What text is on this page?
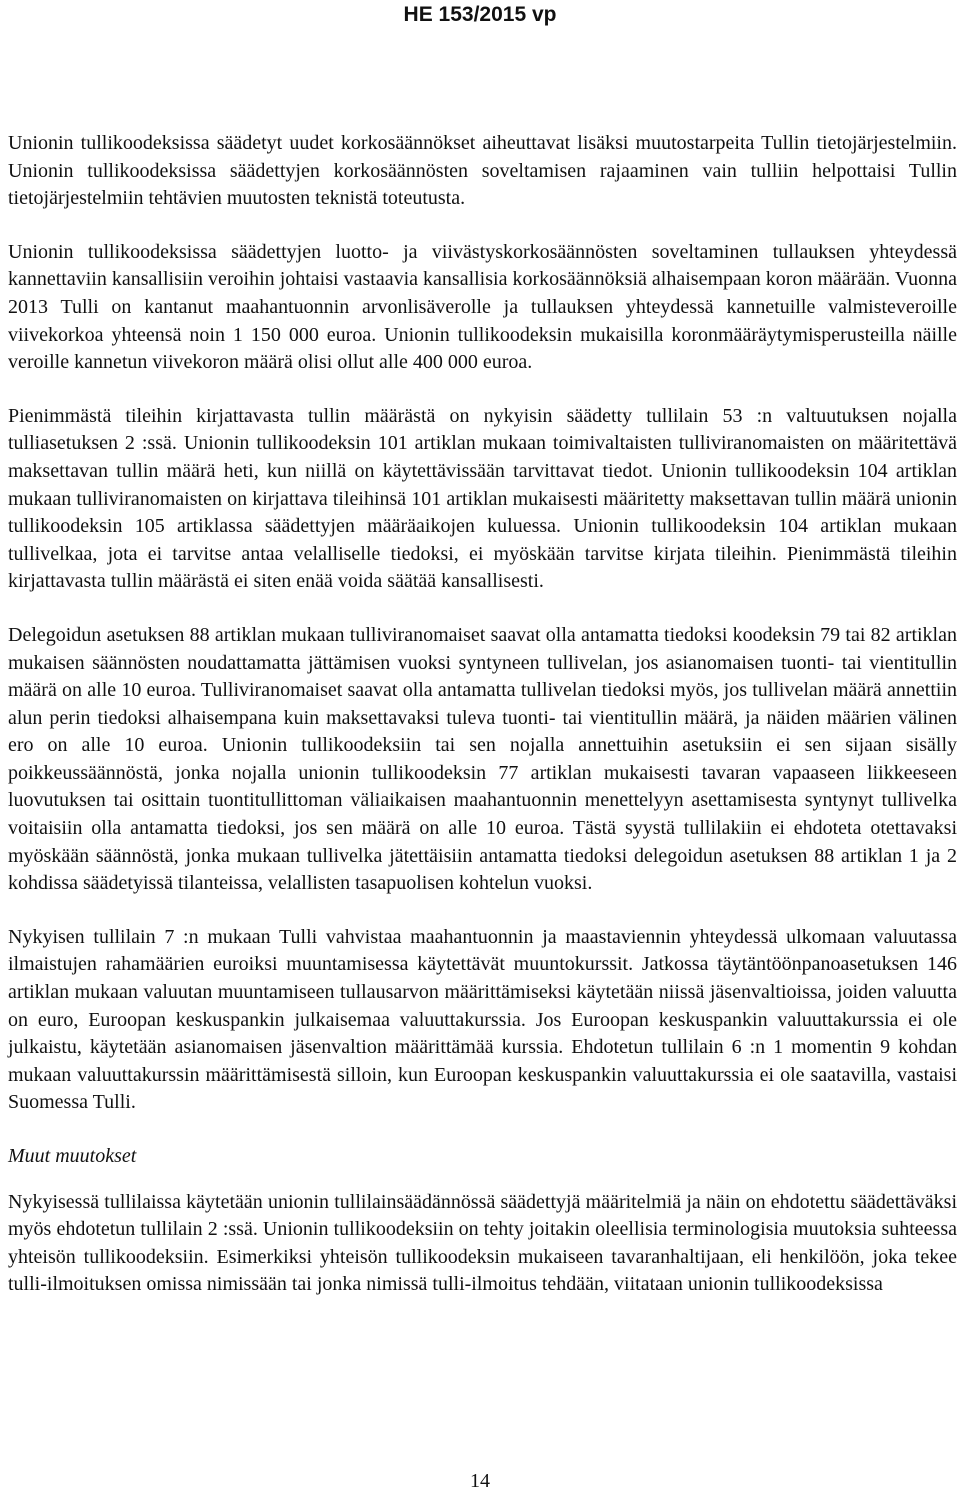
HE 153/2015 vp

Unionin tullikoodeksissa säädetyt uudet korkosäännökset aiheuttavat lisäksi muutostarpeita Tullin tietojärjestelmiin. Unionin tullikoodeksissa säädettyjen korkosäännösten soveltamisen rajaaminen vain tulliin helpottaisi Tullin tietojärjestelmiin tehtävien muutosten teknistä toteutusta.

Unionin tullikoodeksissa säädettyjen luotto- ja viivästyskorkosäännösten soveltaminen tullauksen yhteydessä kannettaviin kansallisiin veroihin johtaisi vastaavia kansallisia korkosäännöksiä alhaisempaan koron määrään. Vuonna 2013 Tulli on kantanut maahantuonnin arvonlisäverolle ja tullauksen yhteydessä kannetuille valmisteveroille viivekorkoa yhteensä noin 1 150 000 euroa. Unionin tullikoodeksin mukaisilla koronmääräytymisperusteilla näille veroille kannetun viivekoron määrä olisi ollut alle 400 000 euroa.

Pienimmästä tileihin kirjattavasta tullin määrästä on nykyisin säädetty tullilain 53 :n valtuutuksen nojalla tulliasetuksen 2 :ssä. Unionin tullikoodeksin 101 artiklan mukaan toimivaltaisten tulliviranomaisten on määritettävä maksettavan tullin määrä heti, kun niillä on käytettävissään tarvittavat tiedot. Unionin tullikoodeksin 104 artiklan mukaan tulliviranomaisten on kirjattava tileihinsä 101 artiklan mukaisesti määritetty maksettavan tullin määrä unionin tullikoodeksin 105 artiklassa säädettyjen määräaikojen kuluessa. Unionin tullikoodeksin 104 artiklan mukaan tullivelkaa, jota ei tarvitse antaa velalliselle tiedoksi, ei myöskään tarvitse kirjata tileihin. Pienimmästä tileihin kirjattavasta tullin määrästä ei siten enää voida säätää kansallisesti.

Delegoidun asetuksen 88 artiklan mukaan tulliviranomaiset saavat olla antamatta tiedoksi koodeksin 79 tai 82 artiklan mukaisen säännösten noudattamatta jättämisen vuoksi syntyneen tullivelan, jos asianomaisen tuonti- tai vientitullin määrä on alle 10 euroa. Tulliviranomaiset saavat olla antamatta tullivelan tiedoksi myös, jos tullivelan määrä annettiin alun perin tiedoksi alhaisempana kuin maksettavaksi tuleva tuonti- tai vientitullin määrä, ja näiden määrien välinen ero on alle 10 euroa. Unionin tullikoodeksiin tai sen nojalla annettuihin asetuksiin ei sen sijaan sisälly poikkeussäännöstä, jonka nojalla unionin tullikoodeksin 77 artiklan mukaisesti tavaran vapaaseen liikkeeseen luovutuksen tai osittain tuontitullittoman väliaikaisen maahantuonnin menettelyyn asettamisesta syntynyt tullivelka voitaisiin olla antamatta tiedoksi, jos sen määrä on alle 10 euroa. Tästä syystä tullilakiin ei ehdoteta otettavaksi myöskään säännöstä, jonka mukaan tullivelka jätettäisiin antamatta tiedoksi delegoidun asetuksen 88 artiklan 1 ja 2 kohdissa säädetyissä tilanteissa, velallisten tasapuolisen kohtelun vuoksi.

Nykyisen tullilain 7 :n mukaan Tulli vahvistaa maahantuonnin ja maastaviennin yhteydessä ulkomaan valuutassa ilmaistujen rahamäärien euroiksi muuntamisessa käytettävät muuntokurssit. Jatkossa täytäntöönpanoasetuksen 146 artiklan mukaan valuutan muuntamiseen tullausarvon määrittämiseksi käytetään niissä jäsenvaltioissa, joiden valuutta on euro, Euroopan keskuspankin julkaisemaa valuuttakurssia. Jos Euroopan keskuspankin valuuttakurssia ei ole julkaistu, käytetään asianomaisen jäsenvaltion määrittämää kurssia. Ehdotetun tullilain 6 :n 1 momentin 9 kohdan mukaan valuuttakurssin määrittämisestä silloin, kun Euroopan keskuspankin valuuttakurssia ei ole saatavilla, vastaisi Suomessa Tulli.

Muut muutokset

Nykyisessä tullilaissa käytetään unionin tullilainsäädännössä säädettyjä määritelmiä ja näin on ehdotettu säädettäväksi myös ehdotetun tullilain 2 :ssä. Unionin tullikoodeksiin on tehty joitakin oleellisia terminologisia muutoksia suhteessa yhteisön tullikoodeksiin. Esimerkiksi yhteisön tullikoodeksin mukaiseen tavaranhaltijaan, eli henkilöön, joka tekee tulli-ilmoituksen omissa nimissään tai jonka nimissä tulli-ilmoitus tehdään, viitataan unionin tullikoodeksissa

14
